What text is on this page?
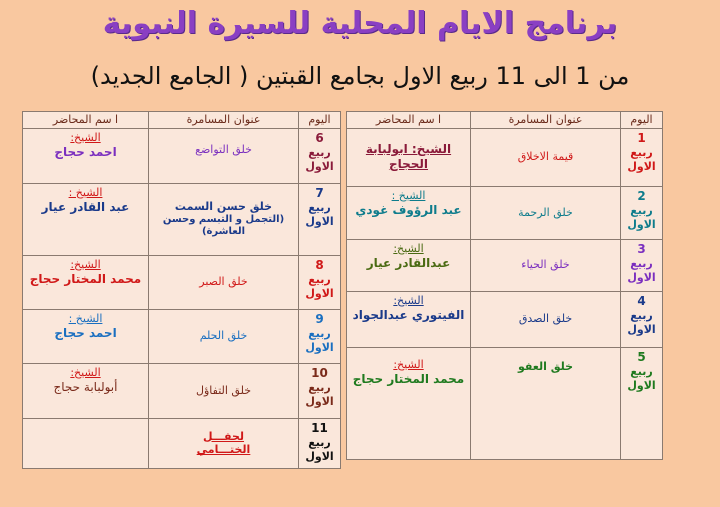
برنامج الايام المحلية للسيرة النبوية
من 1 الى 11 ربيع الاول بجامع القبتين ( الجامع الجديد)
اليوم	عنوان المسامرة	ا سم المحاضر

1
ربيع الاول	قيمة الاخلاق	الشيخ: ابولبابة الحجاج

2
ربيع الاول	خلق الرحمة	الشيخ :
عبد الرؤوف غودي

3
ربيع الاول	خلق الحياء	الشيخ:
عبدالقادر عيار

4
ربيع الاول	خلق الصدق	الشيخ:
الفيتوري عبدالجواد

5
ربيع الاول	خلق العفو	الشيخ:
محمد المختار حجاج
اليوم	عنوان المسامرة	ا سم المحاضر

6
ربيع الاول	خلق التواضع	الشيخ:
احمد حجاج

7
ربيع الاول	خلق حسن السمت
(التجمل و التبسم وحسن العاشرة)	الشيخ :
عبد القادر عيار

8
ربيع الاول	خلق الصبر	الشيخ:
محمد المختار حجاج

9
ربيع الاول	خلق الحلم	الشيخ :
احمد حجاج

10
ربيع الاول	خلق التفاؤل	الشيخ:
أبولبابة حجاج

11
ربيع الاول	لحفـــل
الختـــامي	
